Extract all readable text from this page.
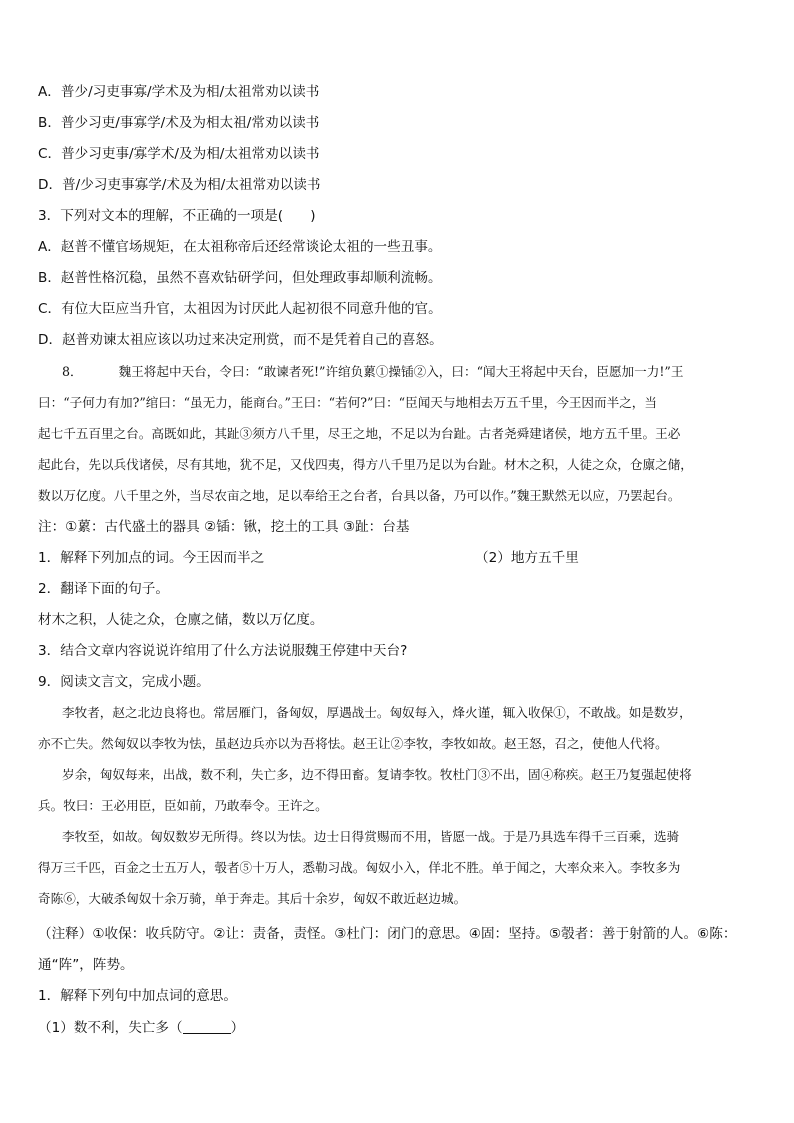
A．普少/习吏事寡/学术及为相/太祖常劝以读书
B．普少习吏/事寡学/术及为相太祖/常劝以读书
C．普少习吏事/寡学术/及为相/太祖常劝以读书
D．普/少习吏事寡学/术及为相/太祖常劝以读书
3．下列对文本的理解，不正确的一项是(　　)
A．赵普不懂官场规矩，在太祖称帝后还经常谈论太祖的一些丑事。
B．赵普性格沉稳，虽然不喜欢钻研学问，但处理政事却顺利流畅。
C．有位大臣应当升官，太祖因为讨厌此人起初很不同意升他的官。
D．赵普劝谏太祖应该以功过来决定刑赏，而不是凭着自己的喜怒。
8．	魏王将起中天台，令曰：“敢谏者死!”许绾负蔂①操锸②入，曰：“闻大王将起中天台，臣愿加一力!”王
曰：“子何力有加?”绾曰：“虽无力，能商台。”王曰：“若何?”曰：“臣闻天与地相去万五千里，今王因而半之，当
起七千五百里之台。高既如此，其趾③须方八千里，尽王之地，不足以为台趾。古者尧舜建诸侯，地方五千里。王必
起此台，先以兵伐诸侯，尽有其地，犹不足，又伐四夷，得方八千里乃足以为台趾。材木之积，人徒之众，仓廪之储，
数以万亿度。八千里之外，当尽农亩之地，足以奉给王之台者，台具以备，乃可以作。”魏王默然无以应，乃罢起台。
注：①蔂：古代盛土的器具 ②锸：锹，挖土的工具 ③趾：台基
1．解释下列加点的词。今王因而半之	（2）地方五千里
2．翻译下面的句子。
材木之积，人徒之众，仓廪之储，数以万亿度。
3．结合文章内容说说许绾用了什么方法说服魏王停建中天台?
9．阅读文言文，完成小题。
李牧者，赵之北边良将也。常居雁门，备匈奴，厚遇战士。匈奴每入，烽火谨，辄入收保①，不敢战。如是数岁，
亦不亡失。然匈奴以李牧为怯，虽赵边兵亦以为吾将怯。赵王让②李牧，李牧如故。赵王怒，召之，使他人代将。
岁余，匈奴每来，出战，数不利，失亡多，边不得田畜。复请李牧。牧杜门③不出，固④称疾。赵王乃复强起使将
兵。牧曰：王必用臣，臣如前，乃敢奉令。王许之。
李牧至，如故。匈奴数岁无所得。终以为怯。边士日得赏赐而不用，皆愿一战。于是乃具选车得千三百乘，选骑
得万三千匹，百金之士五万人，彀者⑤十万人，悉勒习战。匈奴小入，佯北不胜。单于闻之，大率众来入。李牧多为
奇陈⑥，大破杀匈奴十余万骑，单于奔走。其后十余岁，匈奴不敢近赵边城。
（注释）①收保：收兵防守。②让：责备，责怪。③杜门：闭门的意思。④固：坚持。⑤彀者：善于射箭的人。⑥陈：
通“阵”，阵势。
1．解释下列句中加点词的意思。
（1）数不利，失亡多（	）
